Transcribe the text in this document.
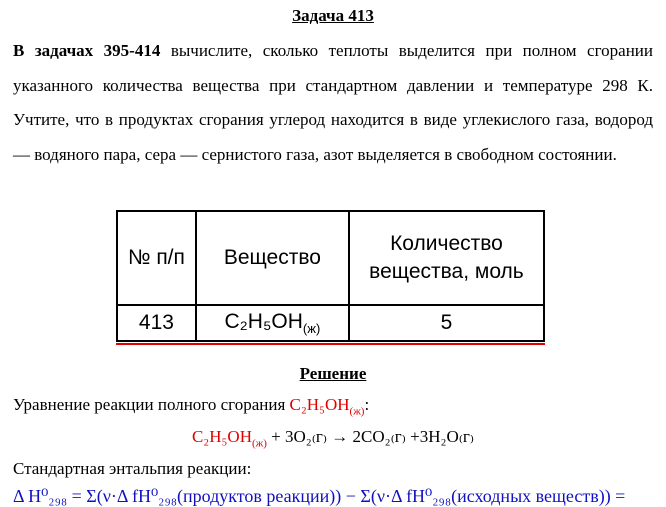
Задача 413
В задачах 395-414 вычислите, сколько теплоты выделится при полном сгорании указанного количества вещества при стандартном давлении и температуре 298 К. Учтите, что в продуктах сгорания углерод находится в виде углекислого газа, водород — водяного пара, сера — сернистого газа, азот выделяется в свободном состоянии.
№ п/п	Вещество	Количество вещества, моль
413	$C_2H_5OH_{(ж)}$	5
Решение
Уравнение реакции полного сгорания $C_2H_5OH_{(ж)}$:
$C_2H_5OH_{(ж)} + 3O_{2(}г_) \to 2CO_{2(}г_) +3H_2O_(г_)$
Стандартная энтальпия реакции:
Δ H⁰₂₉₈ = Σ(ν·Δ fH⁰₂₉₈(продуктов реакции)) − Σ(ν·Δ fH⁰₂₉₈(исходных веществ)) =
